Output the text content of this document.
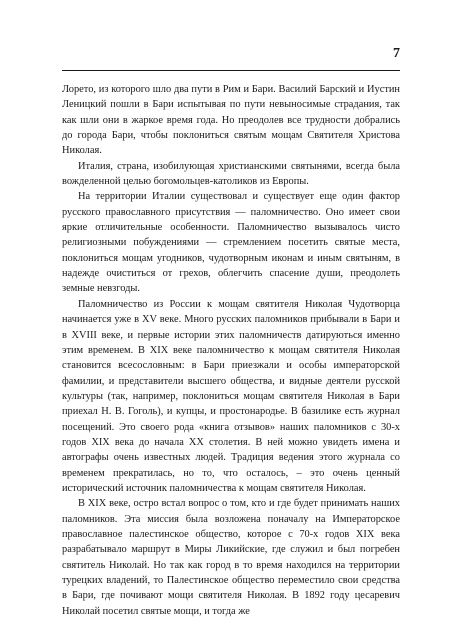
7

Лорето, из которого шло два пути в Рим и Бари. Василий Барский и Иустин Леницкий пошли в Бари испытывая по пути невыносимые страдания, так как шли они в жаркое время года. Но преодолев все трудности добрались до города Бари, чтобы поклониться святым мощам Святителя Христова Николая.

Италия, страна, изобилующая христианскими святынями, всегда была вожделенной целью богомольцев-католиков из Европы.

На территории Италии существовал и существует еще один фактор русского православного присутствия — паломничество. Оно имеет свои яркие отличительные особенности. Паломничество вызывалось чисто религиозными побуждениями — стремлением посетить святые места, поклониться мощам угодников, чудотворным иконам и иным святыням, в надежде очиститься от грехов, облегчить спасение души, преодолеть земные невзгоды.

Паломничество из России к мощам святителя Николая Чудотворца начинается уже в XV веке. Много русских паломников прибывали в Бари и в XVIII веке, и первые истории этих паломничеств датируються именно этим временем. В XIX веке паломничество к мощам святителя Николая становится всесословным: в Бари приезжали и особы императорской фамилии, и представители высшего общества, и видные деятели русской культуры (так, например, поклониться мощам святителя Николая в Бари приехал Н. В. Гоголь), и купцы, и простонародье. В базилике есть журнал посещений. Это своего рода «книга отзывов» наших паломников с 30-х годов XIX века до начала XX столетия. В ней можно увидеть имена и автографы очень известных людей. Традиция ведения этого журнала со временем прекратилась, но то, что осталось, – это очень ценный исторический источник паломничества к мощам святителя Николая.

В XIX веке, остро встал вопрос о том, кто и где будет принимать наших паломников. Эта миссия была возложена поначалу на Императорское православное палестинское общество, которое с 70-х годов XIX века разрабатывало маршрут в Миры Ликийские, где служил и был погребен святитель Николай. Но так как город в то время находился на территории турецких владений, то Палестинское общество переместило свои средства в Бари, где почивают мощи святителя Николая. В 1892 году цесаревич Николай посетил святые мощи, и тогда же
